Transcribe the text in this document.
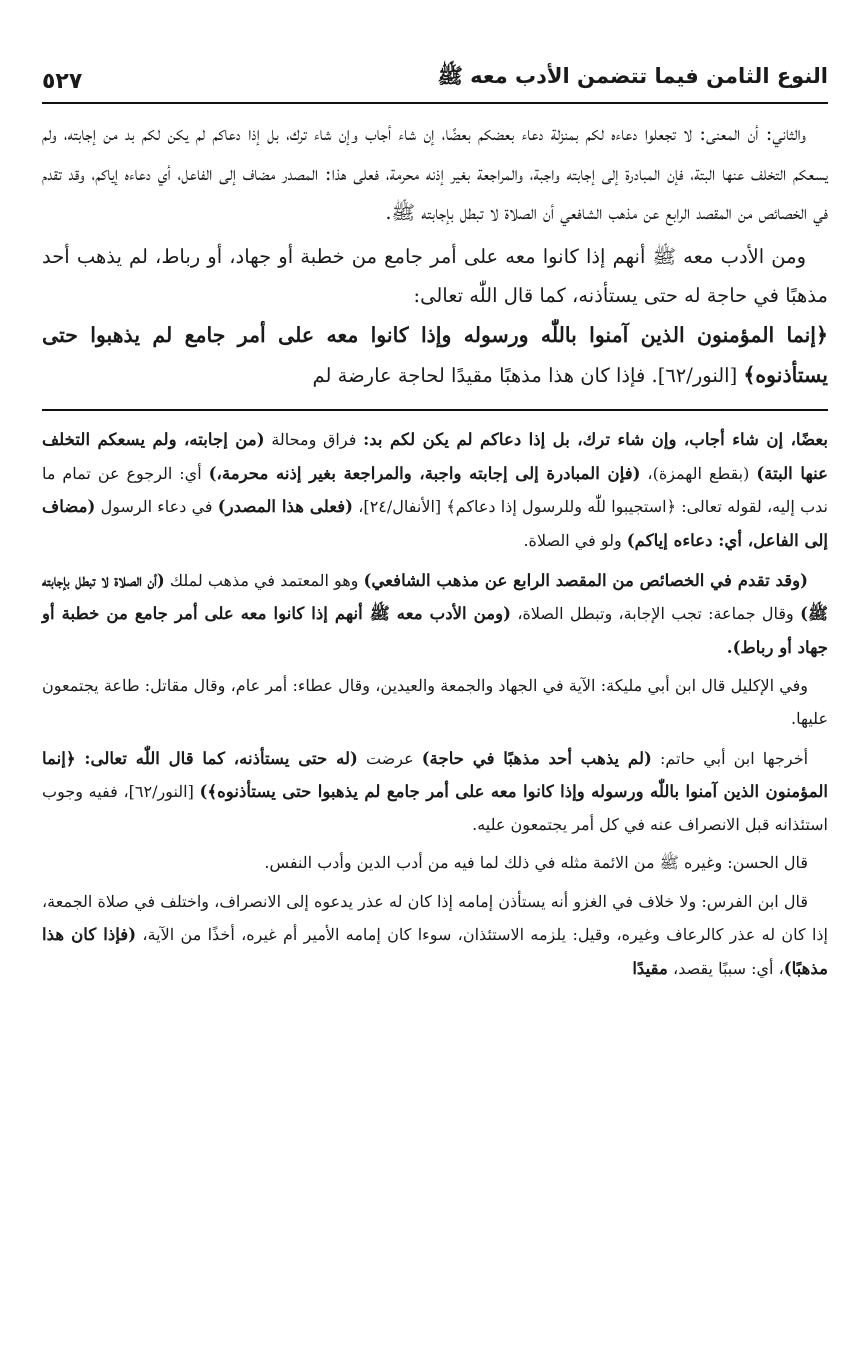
النوع الثامن فيما تتضمن الأدب معه ﷺ
٥٢٧

والثاني: أن المعنى: لا تجعلوا دعاءه لكم بمنزلة دعاء بعضكم بعضًا، إن شاء أجاب وإن شاء ترك، بل إذا دعاكم لم يكن لكم بد من إجابته، ولم يسعكم التخلف عنها البتة، فإن المبادرة إلى إجابته واجبة، والمراجعة بغير إذنه محرمة، فعلى هذا: المصدر مضاف إلى الفاعل، أي دعاءه إياكم، وقد تقدم في الخصائص من المقصد الرابع عن مذهب الشافعي أن الصلاة لا تبطل بإجابته ﷺ.

ومن الأدب معه ﷺ أنهم إذا كانوا معه على أمر جامع من خطبة أو جهاد، أو رباط، لم يذهب أحد مذهبًا في حاجة له حتى يستأذنه، كما قال اللّٰه تعالى:
﴿إنما المؤمنون الذين آمنوا باللّٰه ورسوله وإذا كانوا معه على أمر جامع لم يذهبوا حتى يستأذنوه﴾ [النور/٦٢]. فإذا كان هذا مذهبًا مقيدًا لحاجة عارضة لم

بعضًا، إن شاء أجاب، وإن شاء ترك، بل إذا دعاكم لم يكن لكم بد: فراق ومحالة (من إجابته، ولم يسعكم التخلف عنها البتة) (بقطع الهمزة)، (فإن المبادرة إلى إجابته واجبة، والمراجعة بغير إذنه محرمة،) أي: الرجوع عن تمام ما ندب إليه، لقوله تعالى: ﴿استجيبوا للّٰه وللرسول إذا دعاكم﴾ [الأنفال/٢٤]، (فعلى هذا المصدر) في دعاء الرسول (مضاف إلى الفاعل، أي: دعاءه إياكم) ولو في الصلاة.

(وقد تقدم في الخصائص من المقصد الرابع عن مذهب الشافعي) وهو المعتمد في مذهب لملك (أن الصلاة لا تبطل بإجابته ﷺ) وقال جماعة: تجب الإجابة، وتبطل الصلاة، (ومن الأدب معه ﷺ أنهم إذا كانوا معه على أمر جامع من خطبة أو جهاد أو رباط).

وفي الإكليل قال ابن أبي مليكة: الآية في الجهاد والجمعة والعيدين، وقال عطاء: أمر عام، وقال مقاتل: طاعة يجتمعون عليها.

أخرجها ابن أبي حاتم: (لم يذهب أحد مذهبًا في حاجة) عرضت (له حتى يستأذنه، كما قال اللّٰه تعالى: ﴿إنما المؤمنون الذين آمنوا باللّٰه ورسوله وإذا كانوا معه على أمر جامع لم يذهبوا حتى يستأذنوه﴾) [النور/٦٢]، ففيه وجوب استئذانه قبل الانصراف عنه في كل أمر يجتمعون عليه.

قال الحسن: وغيره ﷺ من الائمة مثله في ذلك لما فيه من أدب الدين وأدب النفس.

قال ابن الفرس: ولا خلاف في الغزو أنه يستأذن إمامه إذا كان له عذر يدعوه إلى الانصراف، واختلف في صلاة الجمعة، إذا كان له عذر كالرعاف وغيره، وقيل: يلزمه الاستئذان، سوءا كان إمامه الأمير أم غيره، أخذًا من الآية، (فإذا كان هذا مذهبًا)، أي: سببًا يقصد، مقيدًا
